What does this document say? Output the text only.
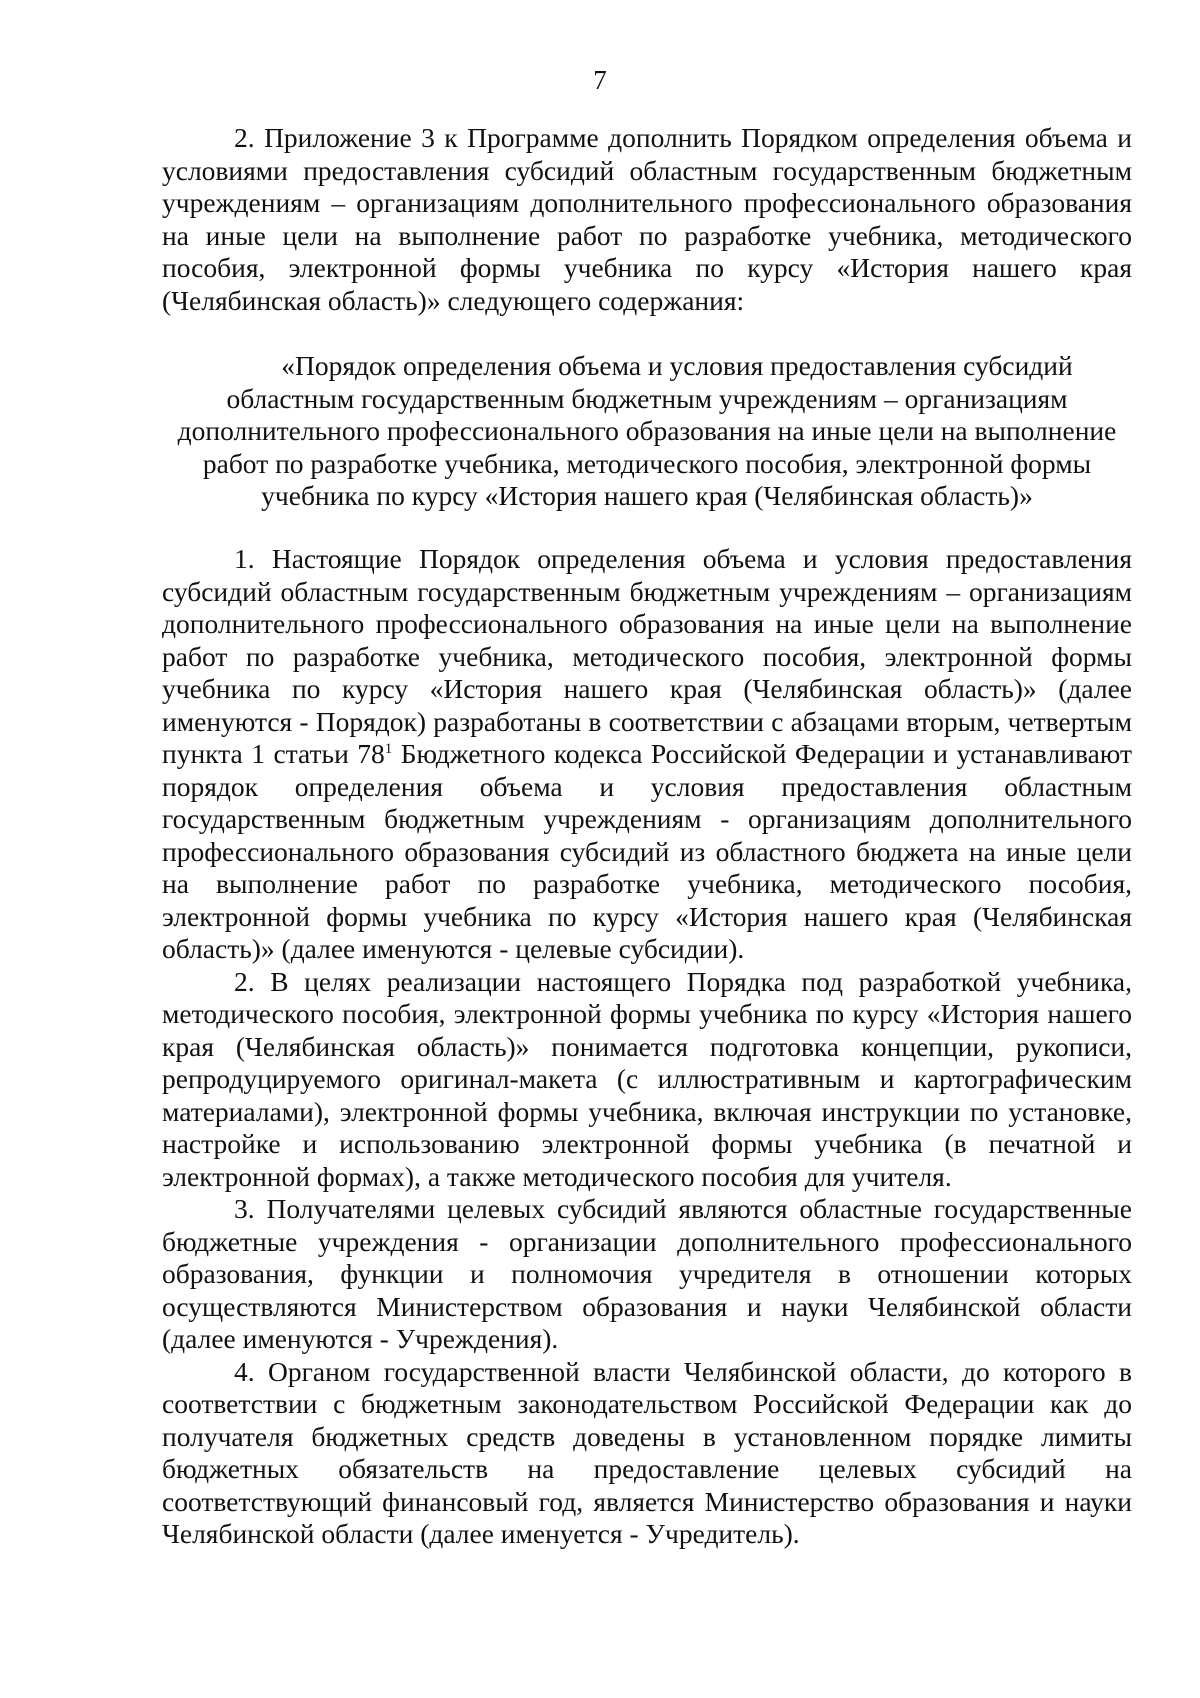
7

2. Приложение 3 к Программе дополнить Порядком определения объема и условиями предоставления субсидий областным государственным бюджетным учреждениям – организациям дополнительного профессионального образования на иные цели на выполнение работ по разработке учебника, методического пособия, электронной формы учебника по курсу «История нашего края (Челябинская область)» следующего содержания:

«Порядок определения объема и условия предоставления субсидий
областным государственным бюджетным учреждениям – организациям
дополнительного профессионального образования на иные цели на выполнение
работ по разработке учебника, методического пособия, электронной формы
учебника по курсу «История нашего края (Челябинская область)»

1. Настоящие Порядок определения объема и условия предоставления субсидий областным государственным бюджетным учреждениям – организациям дополнительного профессионального образования на иные цели на выполнение работ по разработке учебника, методического пособия, электронной формы учебника по курсу «История нашего края (Челябинская область)» (далее именуются - Порядок) разработаны в соответствии с абзацами вторым, четвертым пункта 1 статьи $78^1$ Бюджетного кодекса Российской Федерации и устанавливают порядок определения объема и условия предоставления областным государственным бюджетным учреждениям - организациям дополнительного профессионального образования субсидий из областного бюджета на иные цели на выполнение работ по разработке учебника, методического пособия, электронной формы учебника по курсу «История нашего края (Челябинская область)» (далее именуются - целевые субсидии).

2. В целях реализации настоящего Порядка под разработкой учебника, методического пособия, электронной формы учебника по курсу «История нашего края (Челябинская область)» понимается подготовка концепции, рукописи, репродуцируемого оригинал-макета (с иллюстративным и картографическим материалами), электронной формы учебника, включая инструкции по установке, настройке и использованию электронной формы учебника (в печатной и электронной формах), а также методического пособия для учителя.

3. Получателями целевых субсидий являются областные государственные бюджетные учреждения - организации дополнительного профессионального образования, функции и полномочия учредителя в отношении которых осуществляются Министерством образования и науки Челябинской области (далее именуются - Учреждения).

4. Органом государственной власти Челябинской области, до которого в соответствии с бюджетным законодательством Российской Федерации как до получателя бюджетных средств доведены в установленном порядке лимиты бюджетных обязательств на предоставление целевых субсидий на соответствующий финансовый год, является Министерство образования и науки Челябинской области (далее именуется - Учредитель).
